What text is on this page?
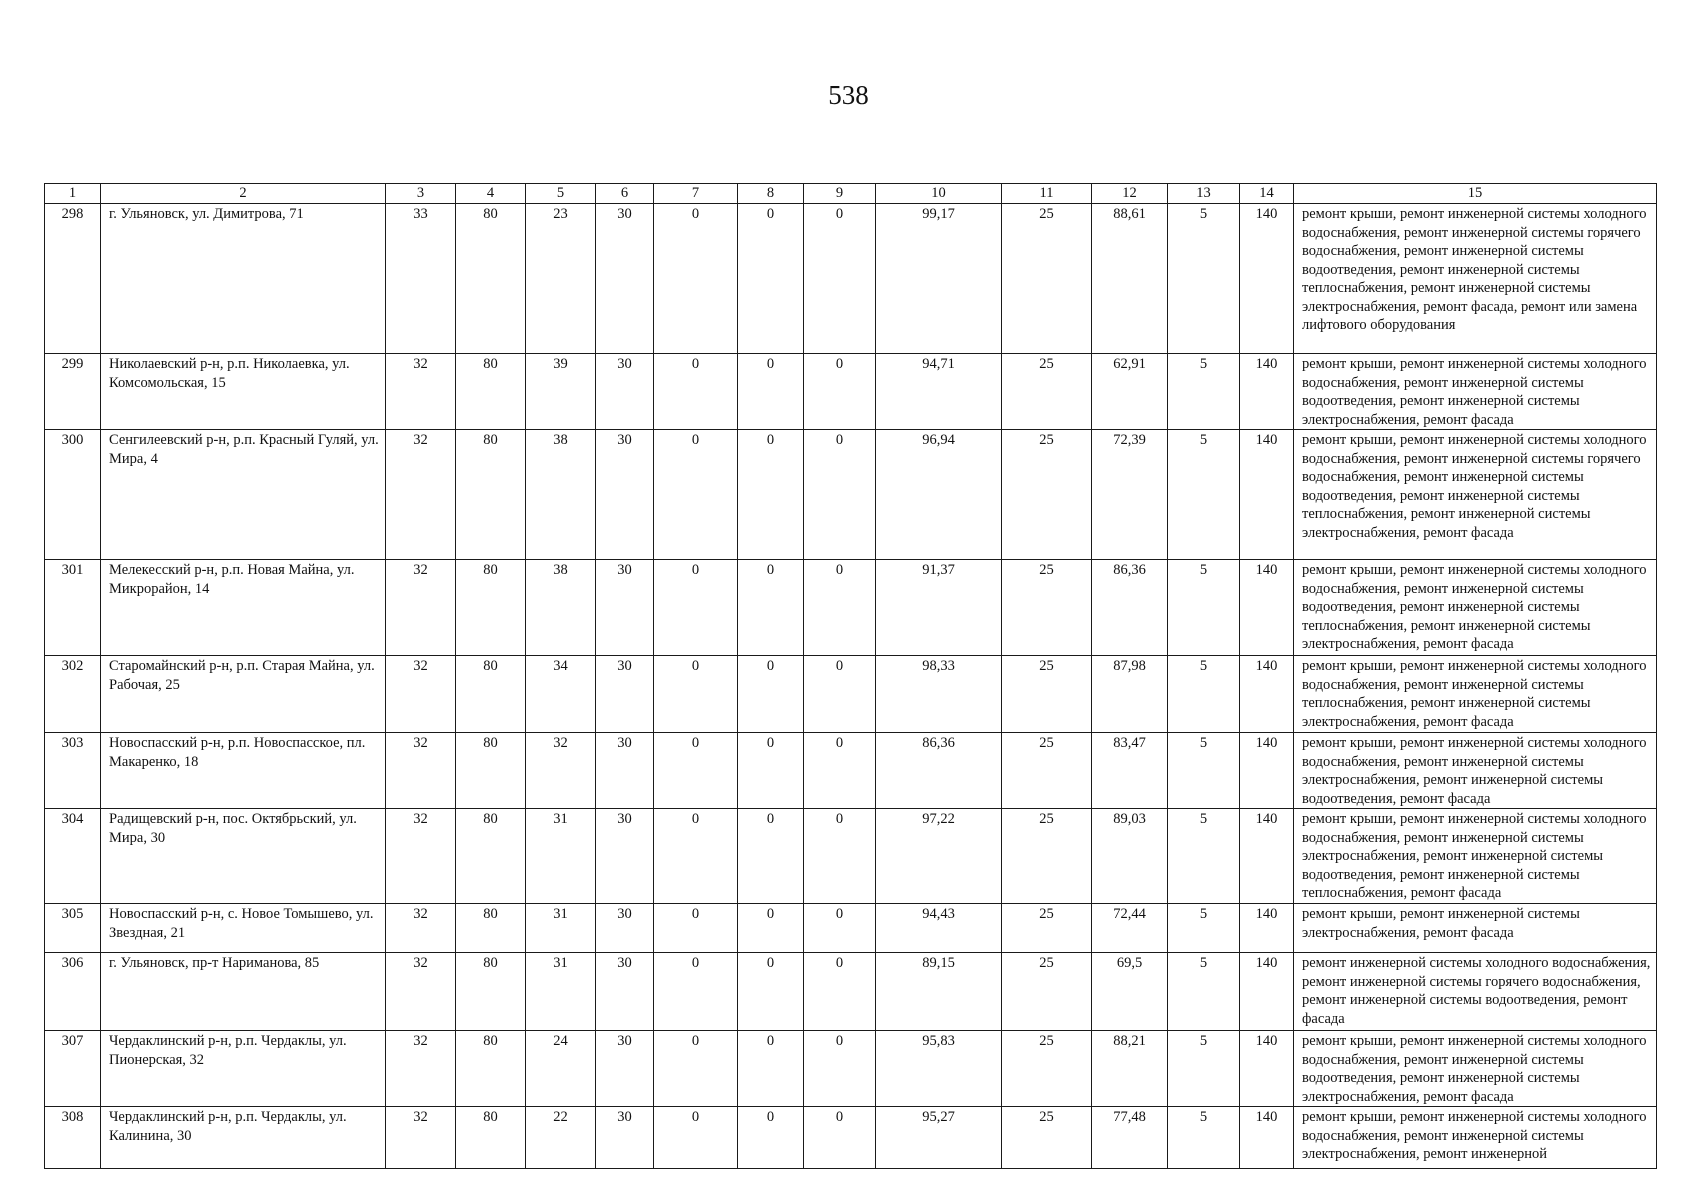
538
1	2	3	4	5	6	7	8	9	10	11	12	13	14	15
298	г. Ульяновск, ул. Димитрова, 71	33	80	23	30	0	0	0	99,17	25	88,61	5	140	ремонт крыши, ремонт инженерной системы холодного водоснабжения, ремонт инженерной системы горячего водоснабжения, ремонт инженерной системы водоотведения, ремонт инженерной системы теплоснабжения, ремонт инженерной системы электроснабжения, ремонт фасада, ремонт или замена лифтового оборудования
299	Николаевский р-н, р.п. Николаевка, ул. Комсомольская, 15	32	80	39	30	0	0	0	94,71	25	62,91	5	140	ремонт крыши, ремонт инженерной системы холодного водоснабжения, ремонт инженерной системы водоотведения, ремонт инженерной системы электроснабжения, ремонт фасада
300	Сенгилеевский р-н, р.п. Красный Гуляй, ул. Мира, 4	32	80	38	30	0	0	0	96,94	25	72,39	5	140	ремонт крыши, ремонт инженерной системы холодного водоснабжения, ремонт инженерной системы горячего водоснабжения, ремонт инженерной системы водоотведения, ремонт инженерной системы теплоснабжения, ремонт инженерной системы электроснабжения, ремонт фасада
301	Мелекесский р-н, р.п. Новая Майна, ул. Микрорайон, 14	32	80	38	30	0	0	0	91,37	25	86,36	5	140	ремонт крыши, ремонт инженерной системы холодного водоснабжения, ремонт инженерной системы водоотведения, ремонт инженерной системы теплоснабжения, ремонт инженерной системы электроснабжения, ремонт фасада
302	Старомайнский р-н, р.п. Старая Майна, ул. Рабочая, 25	32	80	34	30	0	0	0	98,33	25	87,98	5	140	ремонт крыши, ремонт инженерной системы холодного водоснабжения, ремонт инженерной системы теплоснабжения, ремонт инженерной системы электроснабжения, ремонт фасада
303	Новоспасский р-н, р.п. Новоспасское, пл. Макаренко, 18	32	80	32	30	0	0	0	86,36	25	83,47	5	140	ремонт крыши, ремонт инженерной системы холодного водоснабжения, ремонт инженерной системы электроснабжения, ремонт инженерной системы водоотведения, ремонт фасада
304	Радищевский р-н, пос. Октябрьский, ул. Мира, 30	32	80	31	30	0	0	0	97,22	25	89,03	5	140	ремонт крыши, ремонт инженерной системы холодного водоснабжения, ремонт инженерной системы электроснабжения, ремонт инженерной системы водоотведения, ремонт инженерной системы теплоснабжения, ремонт фасада
305	Новоспасский р-н, с. Новое Томышево, ул. Звездная, 21	32	80	31	30	0	0	0	94,43	25	72,44	5	140	ремонт крыши, ремонт инженерной системы электроснабжения, ремонт фасада
306	г. Ульяновск, пр-т Нариманова, 85	32	80	31	30	0	0	0	89,15	25	69,5	5	140	ремонт инженерной системы холодного водоснабжения, ремонт инженерной системы горячего водоснабжения, ремонт инженерной системы водоотведения, ремонт фасада
307	Чердаклинский р-н, р.п. Чердаклы, ул. Пионерская, 32	32	80	24	30	0	0	0	95,83	25	88,21	5	140	ремонт крыши, ремонт инженерной системы холодного водоснабжения, ремонт инженерной системы водоотведения, ремонт инженерной системы электроснабжения, ремонт фасада
308	Чердаклинский р-н, р.п. Чердаклы, ул. Калинина, 30	32	80	22	30	0	0	0	95,27	25	77,48	5	140	ремонт крыши, ремонт инженерной системы холодного водоснабжения, ремонт инженерной системы электроснабжения, ремонт инженерной
